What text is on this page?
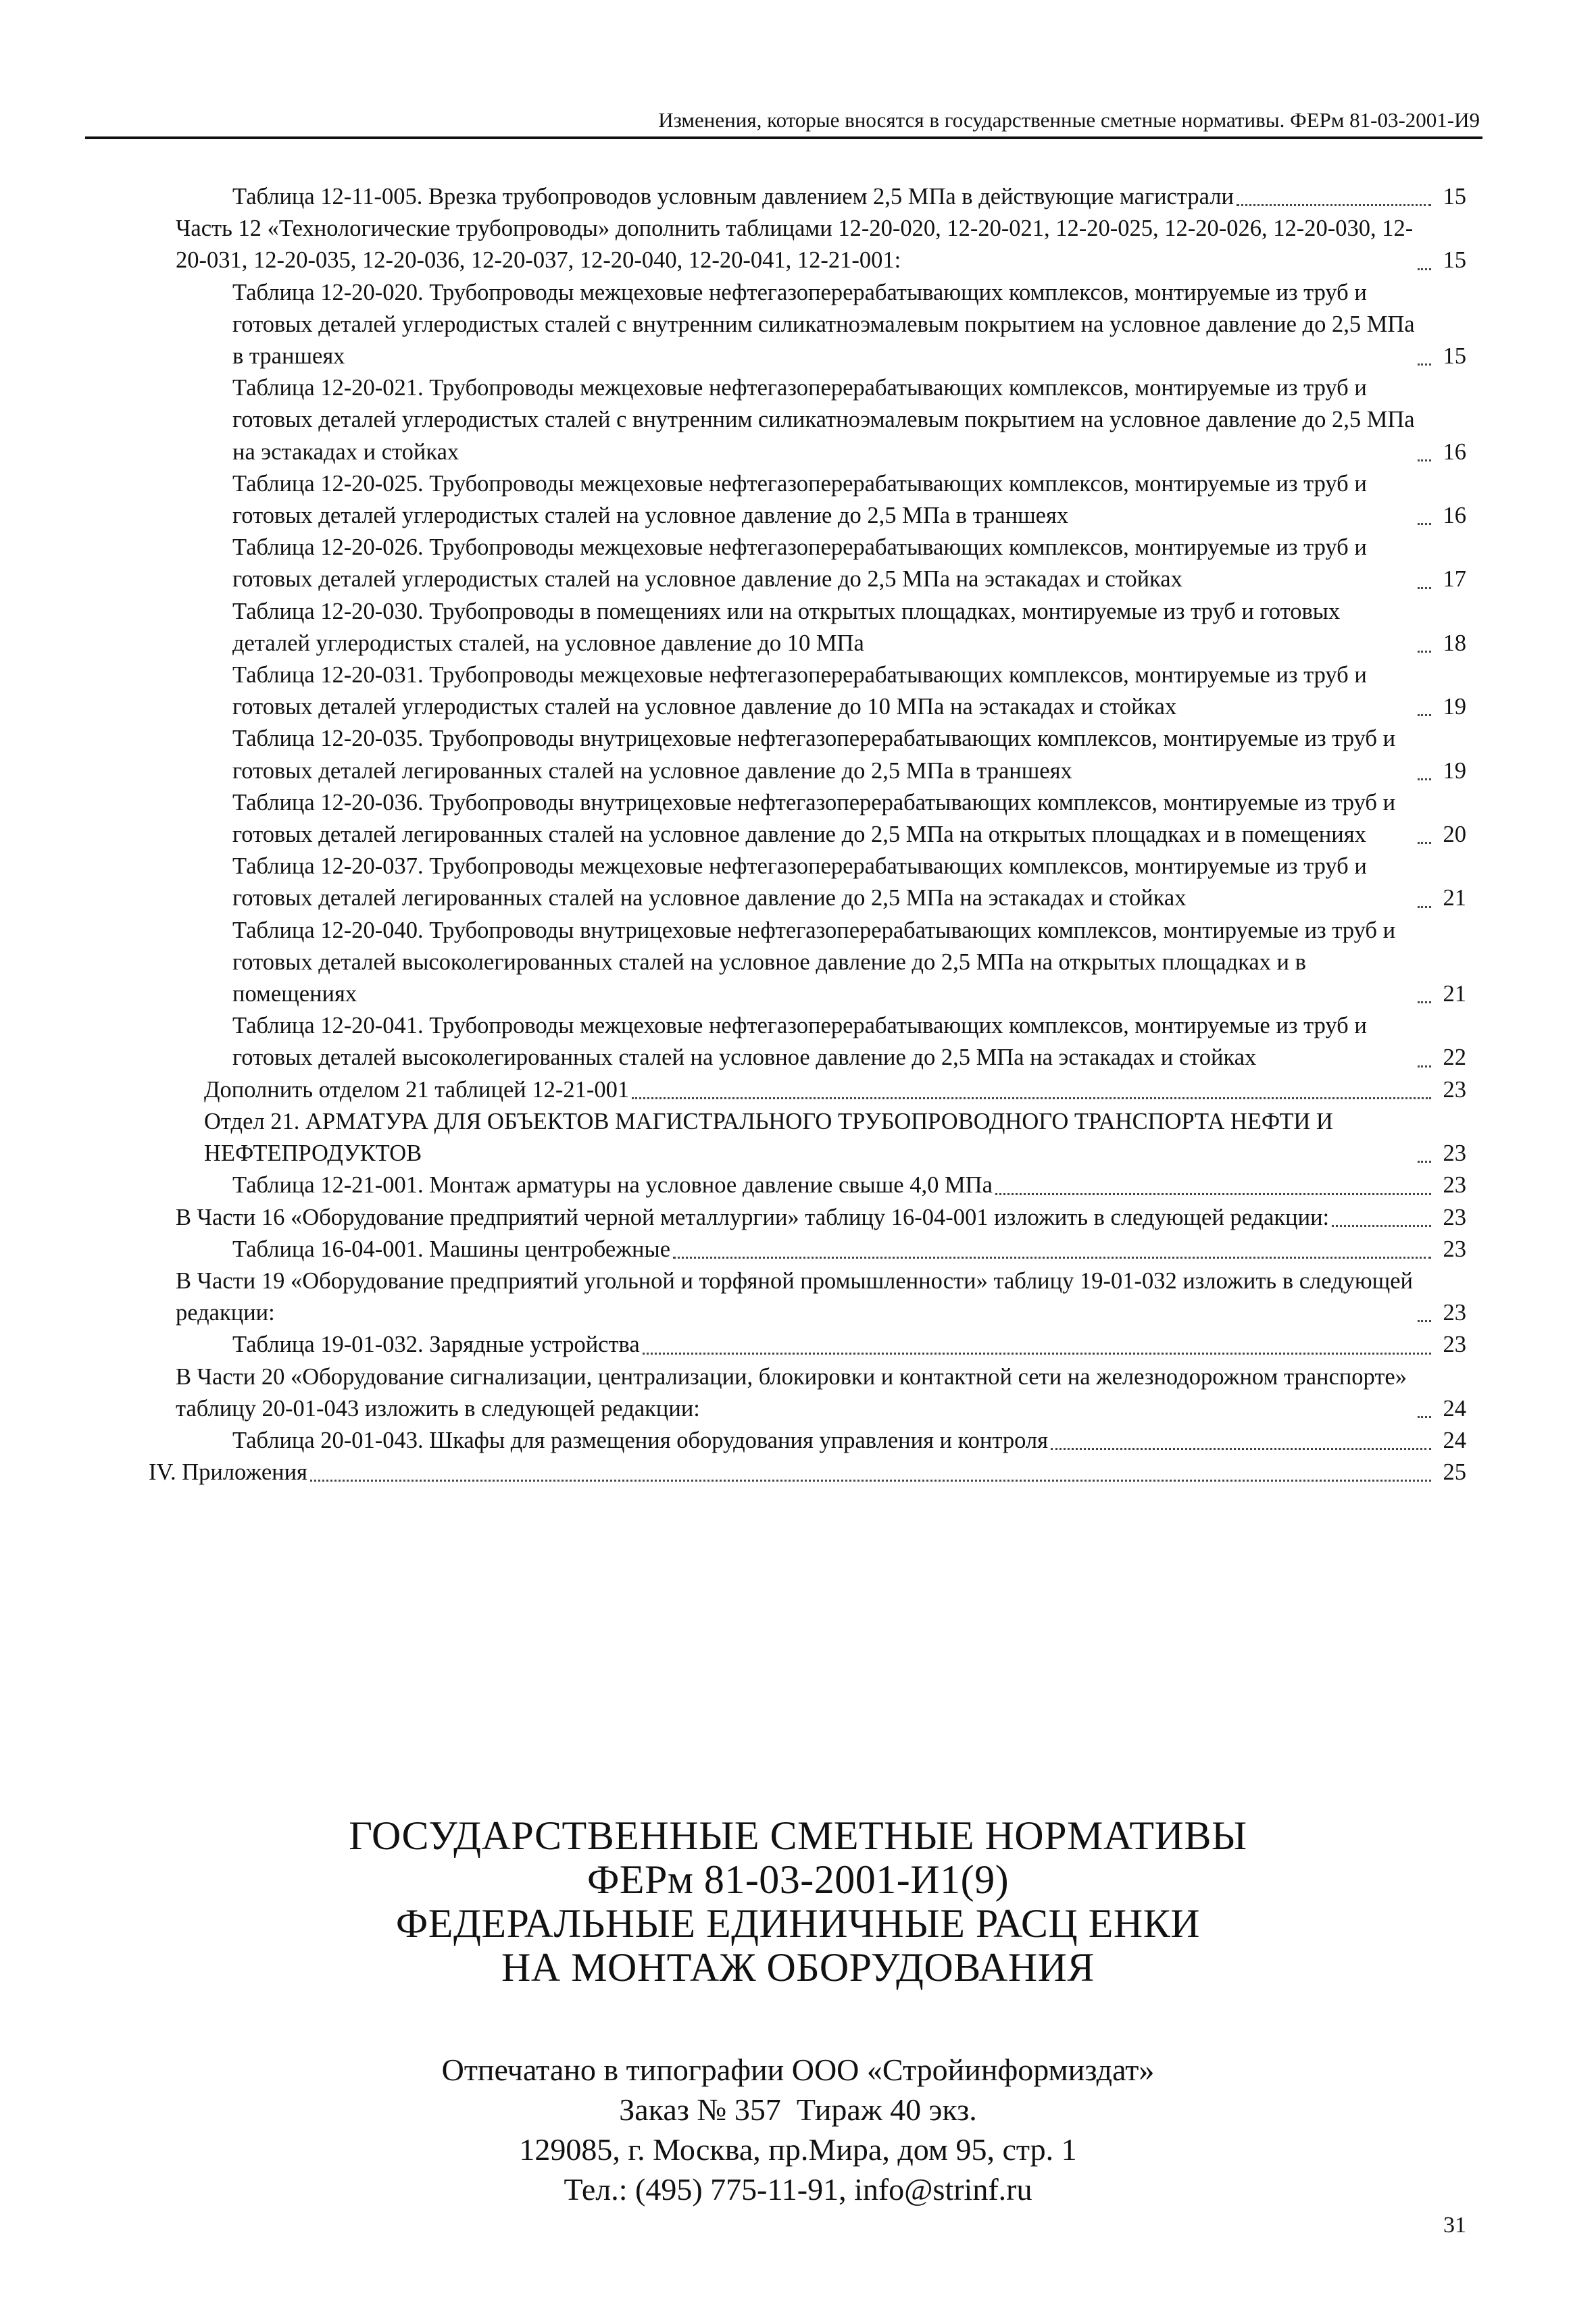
Изменения, которые вносятся в государственные сметные нормативы. ФЕРм 81-03-2001-И9
Таблица 12-11-005. Врезка трубопроводов условным давлением 2,5 МПа в действующие магистрали	15
Часть 12 «Технологические трубопроводы» дополнить таблицами 12-20-020, 12-20-021, 12-20-025, 12-20-026, 12-20-030, 12-20-031, 12-20-035, 12-20-036, 12-20-037, 12-20-040, 12-20-041, 12-21-001:	15
Таблица 12-20-020. Трубопроводы межцеховые нефтегазоперерабатывающих комплексов, монтируемые из труб и готовых деталей углеродистых сталей с внутренним силикатноэмалевым покрытием на условное давление до 2,5 МПа в траншеях	15
Таблица 12-20-021. Трубопроводы межцеховые нефтегазоперерабатывающих комплексов, монтируемые из труб и готовых деталей углеродистых сталей с внутренним силикатноэмалевым покрытием на условное давление до 2,5 МПа на эстакадах и стойках	16
Таблица 12-20-025. Трубопроводы межцеховые нефтегазоперерабатывающих комплексов, монтируемые из труб и готовых деталей углеродистых сталей на условное давление до 2,5 МПа в траншеях	16
Таблица 12-20-026. Трубопроводы межцеховые нефтегазоперерабатывающих комплексов, монтируемые из труб и готовых деталей углеродистых сталей на условное давление до 2,5 МПа на эстакадах и стойках	17
Таблица 12-20-030. Трубопроводы в помещениях или на открытых площадках, монтируемые из труб и готовых деталей углеродистых сталей, на условное давление до 10 МПа	18
Таблица 12-20-031. Трубопроводы межцеховые нефтегазоперерабатывающих комплексов, монтируемые из труб и готовых деталей углеродистых сталей на условное давление до 10 МПа на эстакадах и стойках	19
Таблица 12-20-035. Трубопроводы внутрицеховые нефтегазоперерабатывающих комплексов, монтируемые из труб и готовых деталей легированных сталей на условное давление до 2,5 МПа в траншеях	19
Таблица 12-20-036. Трубопроводы внутрицеховые нефтегазоперерабатывающих комплексов, монтируемые из труб и готовых деталей легированных сталей на условное давление до 2,5 МПа на открытых площадках и в помещениях	20
Таблица 12-20-037. Трубопроводы межцеховые нефтегазоперерабатывающих комплексов, монтируемые из труб и готовых деталей легированных сталей на условное давление до 2,5 МПа на эстакадах и стойках	21
Таблица 12-20-040. Трубопроводы внутрицеховые нефтегазоперерабатывающих комплексов, монтируемые из труб и готовых деталей высоколегированных сталей на условное давление до 2,5 МПа на открытых площадках и в помещениях	21
Таблица 12-20-041. Трубопроводы межцеховые нефтегазоперерабатывающих комплексов, монтируемые из труб и готовых деталей высоколегированных сталей на условное давление до 2,5 МПа на эстакадах и стойках	22
Дополнить отделом 21 таблицей 12-21-001	23
Отдел 21. АРМАТУРА ДЛЯ ОБЪЕКТОВ МАГИСТРАЛЬНОГО ТРУБОПРОВОДНОГО ТРАНСПОРТА НЕФТИ И НЕФТЕПРОДУКТОВ	23
Таблица 12-21-001. Монтаж арматуры на условное давление свыше 4,0 МПа	23
В Части 16 «Оборудование предприятий черной металлургии» таблицу 16-04-001 изложить в следующей редакции:	23
Таблица 16-04-001. Машины центробежные	23
В Части 19 «Оборудование предприятий угольной и торфяной промышленности» таблицу 19-01-032 изложить в следующей редакции:	23
Таблица 19-01-032. Зарядные устройства	23
В Части 20 «Оборудование сигнализации, централизации, блокировки и контактной сети на железнодорожном транспорте» таблицу 20-01-043 изложить в следующей редакции:	24
Таблица 20-01-043. Шкафы для размещения оборудования управления и контроля	24
IV. Приложения	25
ГОСУДАРСТВЕННЫЕ СМЕТНЫЕ НОРМАТИВЫ
ФЕРм 81-03-2001-И1(9)
ФЕДЕРАЛЬНЫЕ ЕДИНИЧНЫЕ РАСЦ ЕНКИ
НА МОНТАЖ ОБОРУДОВАНИЯ
Отпечатано в типографии ООО «Стройинформиздат»
Заказ № 357  Тираж 40 экз.
129085, г. Москва, пр.Мира, дом 95, стр. 1
Тел.: (495) 775-11-91, info@strinf.ru
31
